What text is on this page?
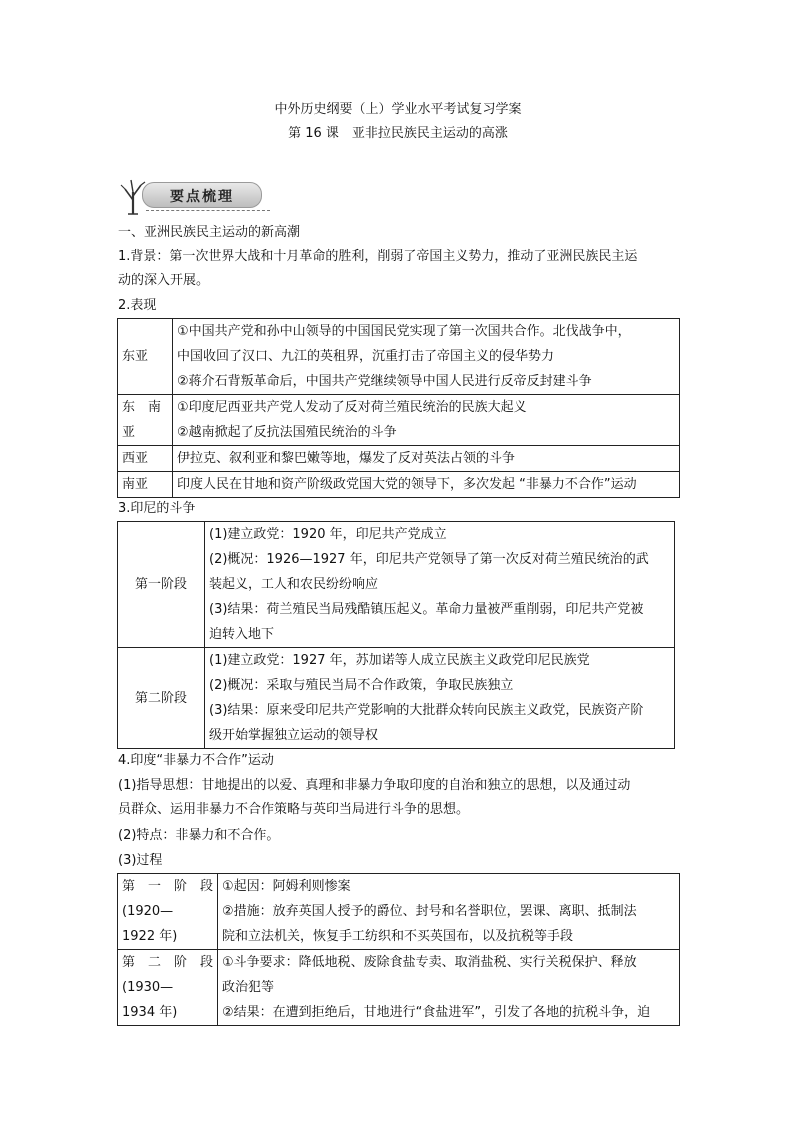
中外历史纲要（上）学业水平考试复习学案
第 16 课　亚非拉民族民主运动的高涨
要点梳理
一、亚洲民族民主运动的新高潮
1.背景：第一次世界大战和十月革命的胜利，削弱了帝国主义势力，推动了亚洲民族民主运
动的深入开展。
2.表现
东亚	①中国共产党和孙中山领导的中国国民党实现了第一次国共合作。北伐战争中，
中国收回了汉口、九江的英租界，沉重打击了帝国主义的侵华势力
②蒋介石背叛革命后，中国共产党继续领导中国人民进行反帝反封建斗争

东　南
亚	①印度尼西亚共产党人发动了反对荷兰殖民统治的民族大起义
②越南掀起了反抗法国殖民统治的斗争

西亚	伊拉克、叙利亚和黎巴嫩等地，爆发了反对英法占领的斗争
南亚	印度人民在甘地和资产阶级政党国大党的领导下，多次发起 “非暴力不合作”运动
3.印尼的斗争
第一阶段	(1)建立政党：1920 年，印尼共产党成立
(2)概况：1926—1927 年，印尼共产党领导了第一次反对荷兰殖民统治的武
装起义，工人和农民纷纷响应
(3)结果：荷兰殖民当局残酷镇压起义。革命力量被严重削弱，印尼共产党被
迫转入地下

第二阶段	(1)建立政党：1927 年，苏加诺等人成立民族主义政党印尼民族党
(2)概况：采取与殖民当局不合作政策，争取民族独立
(3)结果：原来受印尼共产党影响的大批群众转向民族主义政党，民族资产阶
级开始掌握独立运动的领导权
4.印度“非暴力不合作”运动
(1)指导思想：甘地提出的以爱、真理和非暴力争取印度的自治和独立的思想，以及通过动
员群众、运用非暴力不合作策略与英印当局进行斗争的思想。
(2)特点：非暴力和不合作。
(3)过程
第　一　阶　段
(1920—
1922 年)	①起因：阿姆利则惨案
②措施：放弃英国人授予的爵位、封号和名誉职位，罢课、离职、抵制法
院和立法机关，恢复手工纺织和不买英国布，以及抗税等手段

第　二　阶　段
(1930—
1934 年)	①斗争要求：降低地税、废除食盐专卖、取消盐税、实行关税保护、释放
政治犯等
②结果：在遭到拒绝后，甘地进行“食盐进军”，引发了各地的抗税斗争，迫
